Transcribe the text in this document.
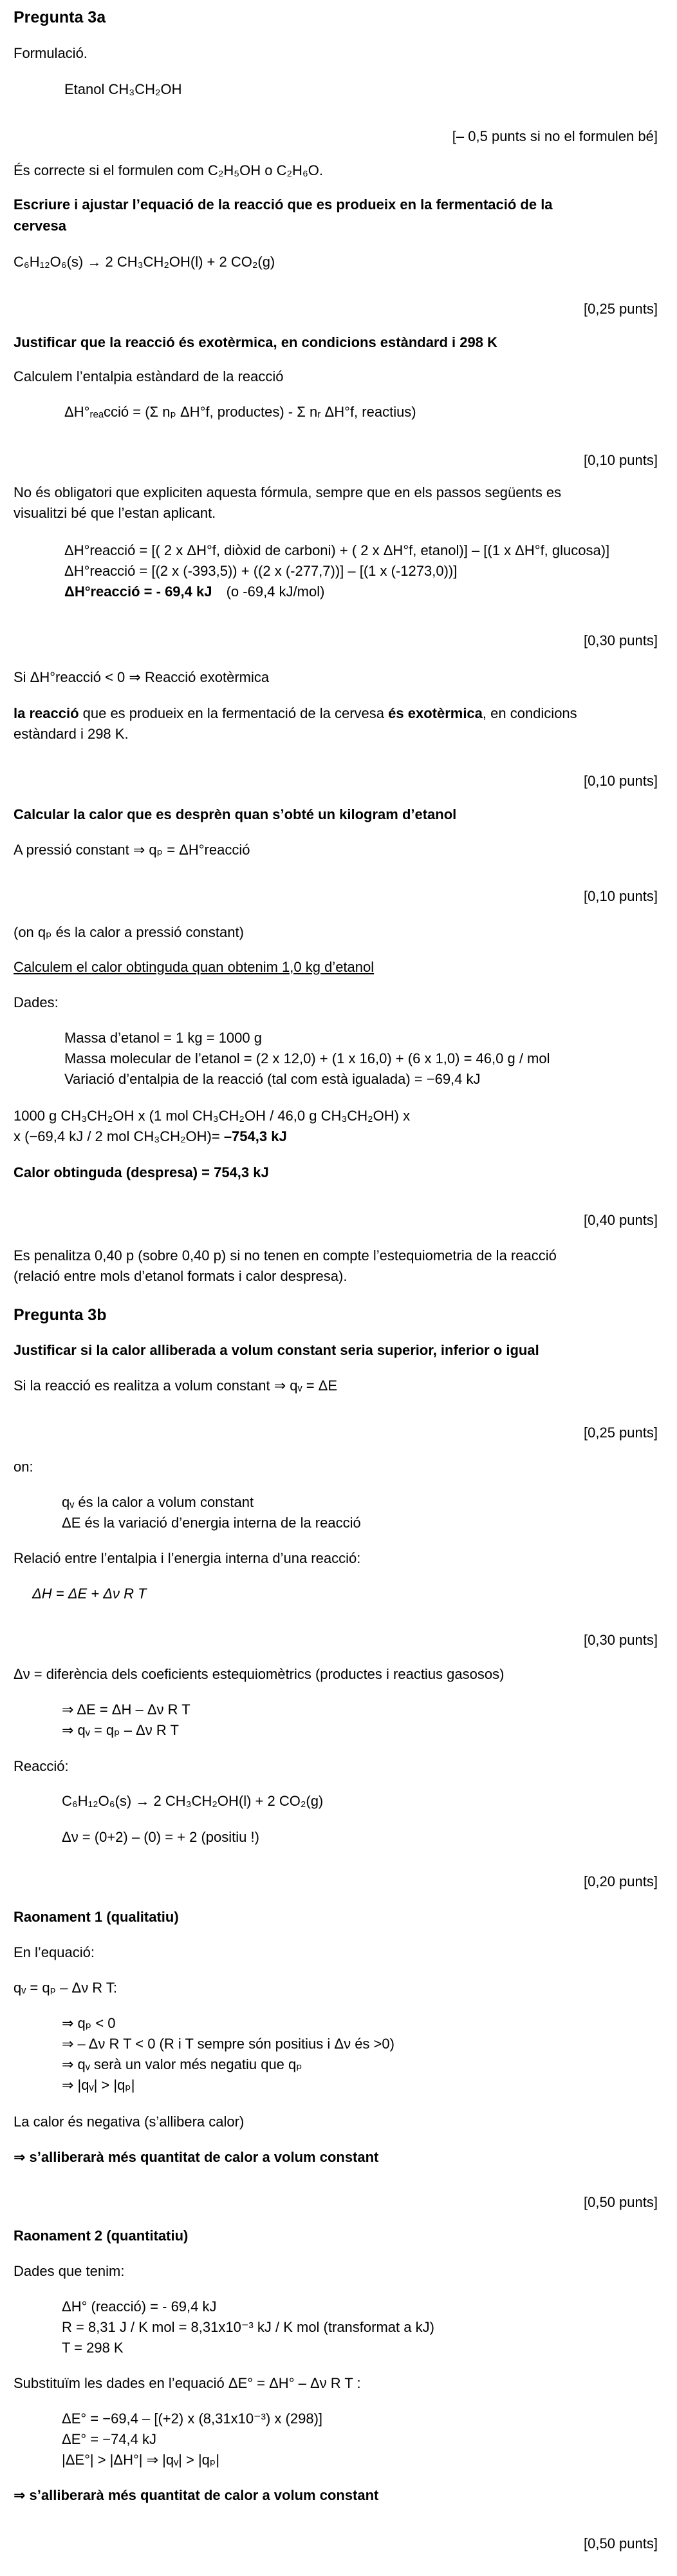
Pregunta 3a
Formulació.
Etanol CH₃CH₂OH
[– 0,5 punts si no el formulen bé]
És correcte si el formulen com C₂H₅OH o C₂H₆O.
Escriure i ajustar l’equació de la reacció que es produeix en la fermentació de la
cervesa
C₆H₁₂O₆(s) → 2 CH₃CH₂OH(l) + 2 CO₂(g)
[0,25 punts]
Justificar que la reacció és exotèrmica, en condicions estàndard i 298 K
Calculem l’entalpia estàndard de la reacció
ΔH°ᵣₑₐcció = (Σ nₚ ΔH°f, productes) - Σ nᵣ ΔH°f, reactius)
[0,10 punts]
No és obligatori que expliciten aquesta fórmula, sempre que en els passos següents es
visualitzi bé que l’estan aplicant.
ΔH°reacció = [( 2 x ΔH°f, diòxid de carboni) + ( 2 x ΔH°f, etanol)] – [(1 x ΔH°f, glucosa)]
ΔH°reacció = [(2 x (-393,5)) + ((2 x (-277,7))] – [(1 x (-1273,0))]
ΔH°reacció = - 69,4 kJ (o -69,4 kJ/mol)
[0,30 punts]
Si ΔH°reacció < 0 ⇒ Reacció exotèrmica
la reacció que es produeix en la fermentació de la cervesa és exotèrmica, en condicions
estàndard i 298 K.
[0,10 punts]
Calcular la calor que es desprèn quan s’obté un kilogram d’etanol
A pressió constant ⇒ qₚ = ΔH°reacció
[0,10 punts]
(on qₚ és la calor a pressió constant)
Calculem el calor obtinguda quan obtenim 1,0 kg d’etanol
Dades:
Massa d’etanol = 1 kg = 1000 g
Massa molecular de l’etanol = (2 x 12,0) + (1 x 16,0) + (6 x 1,0) = 46,0 g / mol
Variació d’entalpia de la reacció (tal com està igualada) = −69,4 kJ
1000 g CH₃CH₂OH x (1 mol CH₃CH₂OH / 46,0 g CH₃CH₂OH) x
x (−69,4 kJ / 2 mol CH₃CH₂OH)= –754,3 kJ
Calor obtinguda (despresa) = 754,3 kJ
[0,40 punts]
Es penalitza 0,40 p (sobre 0,40 p) si no tenen en compte l’estequiometria de la reacció
(relació entre mols d’etanol formats i calor despresa).
Pregunta 3b
Justificar si la calor alliberada a volum constant seria superior, inferior o igual
Si la reacció es realitza a volum constant ⇒ qᵥ = ΔE
[0,25 punts]
on:
qᵥ és la calor a volum constant
ΔE és la variació d’energia interna de la reacció
Relació entre l’entalpia i l’energia interna d’una reacció:
ΔH = ΔE + Δν R T
[0,30 punts]
Δν = diferència dels coeficients estequiomètrics (productes i reactius gasosos)
⇒ ΔE = ΔH – Δν R T
⇒ qᵥ = qₚ – Δν R T
Reacció:
C₆H₁₂O₆(s) → 2 CH₃CH₂OH(l) + 2 CO₂(g)
Δν = (0+2) – (0) = + 2 (positiu !)
[0,20 punts]
Raonament 1 (qualitatiu)
En l’equació:
qᵥ = qₚ – Δν R T:
⇒ qₚ < 0
⇒ – Δν R T < 0 (R i T sempre són positius i Δν és >0)
⇒ qᵥ serà un valor més negatiu que qₚ
⇒ |qᵥ| > |qₚ|
La calor és negativa (s’allibera calor)
⇒ s’alliberarà més quantitat de calor a volum constant
[0,50 punts]
Raonament 2 (quantitatiu)
Dades que tenim:
ΔH° (reacció) = - 69,4 kJ
R = 8,31 J / K mol = 8,31x10⁻³ kJ / K mol (transformat a kJ)
T = 298 K
Substituïm les dades en l’equació ΔE° = ΔH° – Δν R T :
ΔE° = −69,4 – [(+2) x (8,31x10⁻³) x (298)]
ΔE° = −74,4 kJ
|ΔE°| > |ΔH°| ⇒ |qᵥ| > |qₚ|
⇒ s’alliberarà més quantitat de calor a volum constant
[0,50 punts]
